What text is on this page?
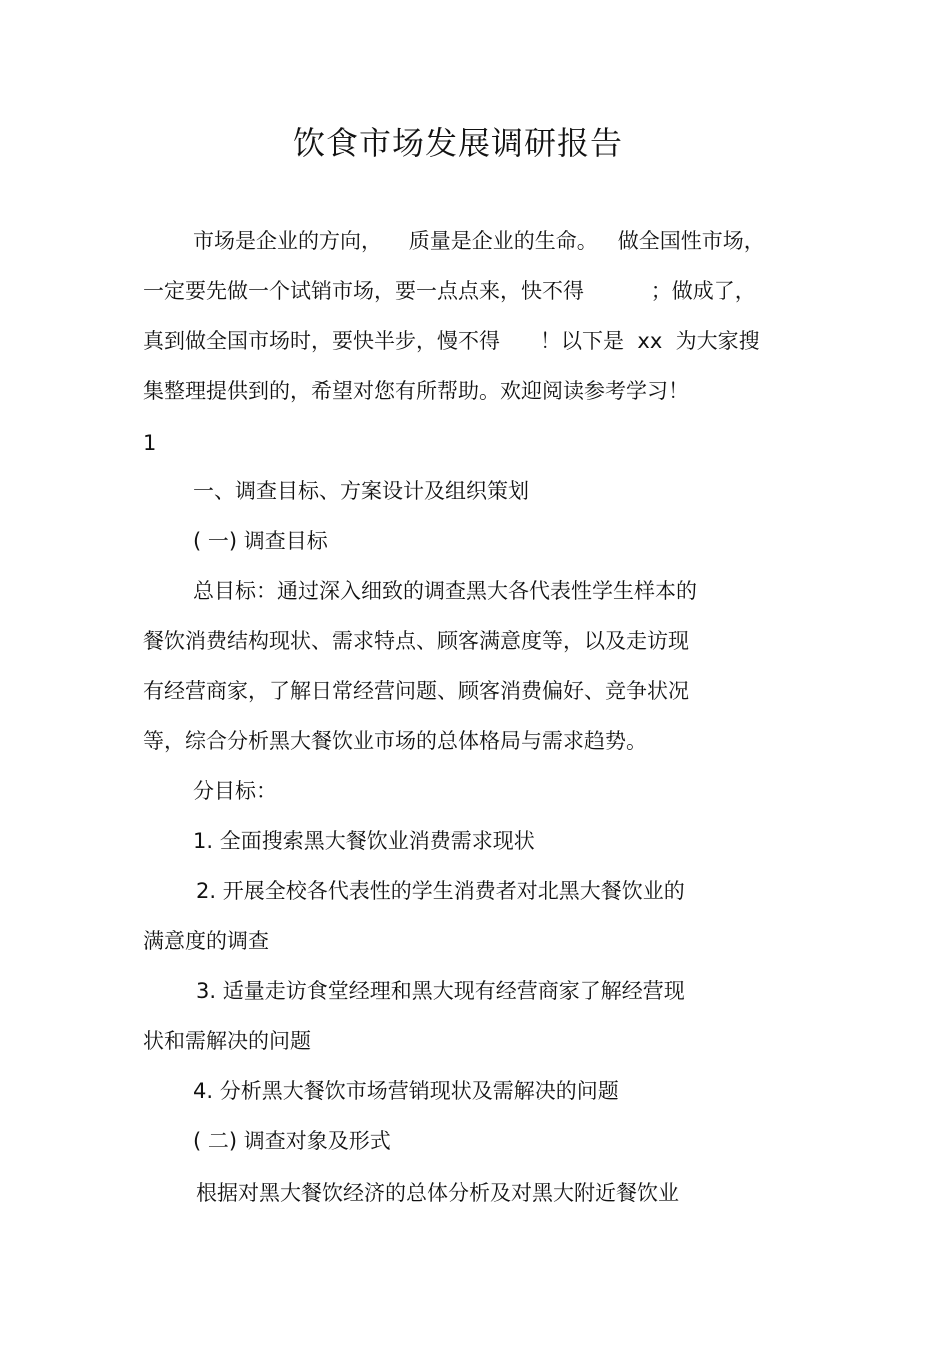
饮食市场发展调研报告
市场是企业的方向，    质量是企业的生命。   做全国性市场，
一定要先做一个试销市场，要一点点来，快不得          ；做成了，
真到做全国市场时，要快半步，慢不得      ！以下是  xx  为大家搜
集整理提供到的，希望对您有所帮助。欢迎阅读参考学习！
1
一、调查目标、方案设计及组织策划
( 一) 调查目标
总目标：通过深入细致的调查黑大各代表性学生样本的
餐饮消费结构现状、需求特点、顾客满意度等，以及走访现
有经营商家，了解日常经营问题、顾客消费偏好、竞争状况
等，综合分析黑大餐饮业市场的总体格局与需求趋势。
分目标：
1. 全面搜索黑大餐饮业消费需求现状
2. 开展全校各代表性的学生消费者对北黑大餐饮业的
满意度的调查
3. 适量走访食堂经理和黑大现有经营商家了解经营现
状和需解决的问题
4. 分析黑大餐饮市场营销现状及需解决的问题
( 二) 调查对象及形式
根据对黑大餐饮经济的总体分析及对黑大附近餐饮业
